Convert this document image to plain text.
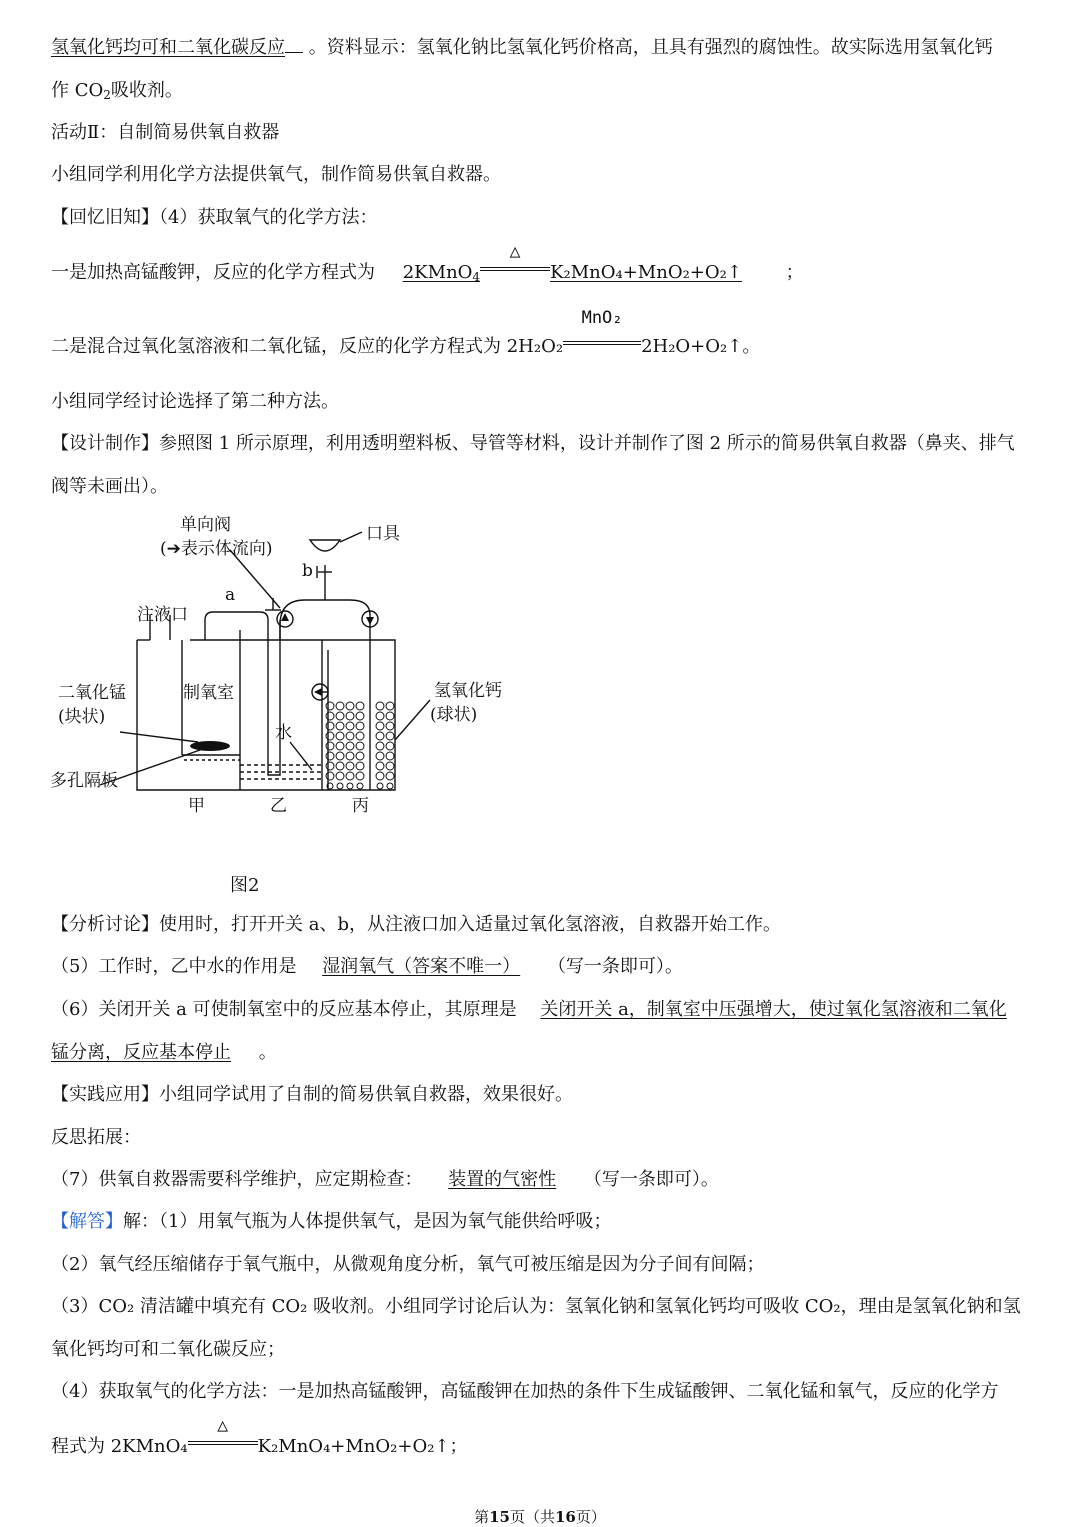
氢氧化钙均可和二氧化碳反应 。资料显示：氢氧化钠比氢氧化钙价格高，且具有强烈的腐蚀性。故实际选用氢氧化钙
作 $CO_2$吸收剂。
活动Ⅱ：自制简易供氧自救器
小组同学利用化学方法提供氧气，制作简易供氧自救器。
【回忆旧知】（4）获取氧气的化学方法：
一是加热高锰酸钾，反应的化学方程式为 2KMnO$_4$
△
K₂MnO₄+MnO₂+O₂↑ ；
二是混合过氧化氢溶液和二氧化锰，反应的化学方程式为 2H₂O₂
MnO₂
2H₂O+O₂↑。
小组同学经讨论选择了第二种方法。
【设计制作】参照图 1 所示原理，利用透明塑料板、导管等材料，设计并制作了图 2 所示的简易供氧自救器（鼻夹、排气
阀等未画出）。
单向阀
(➔表示体流向)
口具
b
a
注液口
二氧化锰
(块状)
制氧室
水
氢氧化钙
(球状)
多孔隔板
甲	乙	丙
图2
【分析讨论】使用时，打开开关 a、b，从注液口加入适量过氧化氢溶液，自救器开始工作。
（5）工作时，乙中水的作用是 湿润氧气（答案不唯一） （写一条即可）。
（6）关闭开关 a 可使制氧室中的反应基本停止，其原理是 关闭开关 a，制氧室中压强增大，使过氧化氢溶液和二氧化
锰分离，反应基本停止 。
【实践应用】小组同学试用了自制的简易供氧自救器，效果很好。
反思拓展：
（7）供氧自救器需要科学维护，应定期检查： 装置的气密性 （写一条即可）。
【解答】解：（1）用氧气瓶为人体提供氧气，是因为氧气能供给呼吸；
（2）氧气经压缩储存于氧气瓶中，从微观角度分析，氧气可被压缩是因为分子间有间隔；
（3）CO₂ 清洁罐中填充有 CO₂ 吸收剂。小组同学讨论后认为：氢氧化钠和氢氧化钙均可吸收 CO₂，理由是氢氧化钠和氢
氧化钙均可和二氧化碳反应；
（4）获取氧气的化学方法：一是加热高锰酸钾，高锰酸钾在加热的条件下生成锰酸钾、二氧化锰和氧气，反应的化学方
程式为 2KMnO₄
△
K₂MnO₄+MnO₂+O₂↑；
第15页（共16页）
